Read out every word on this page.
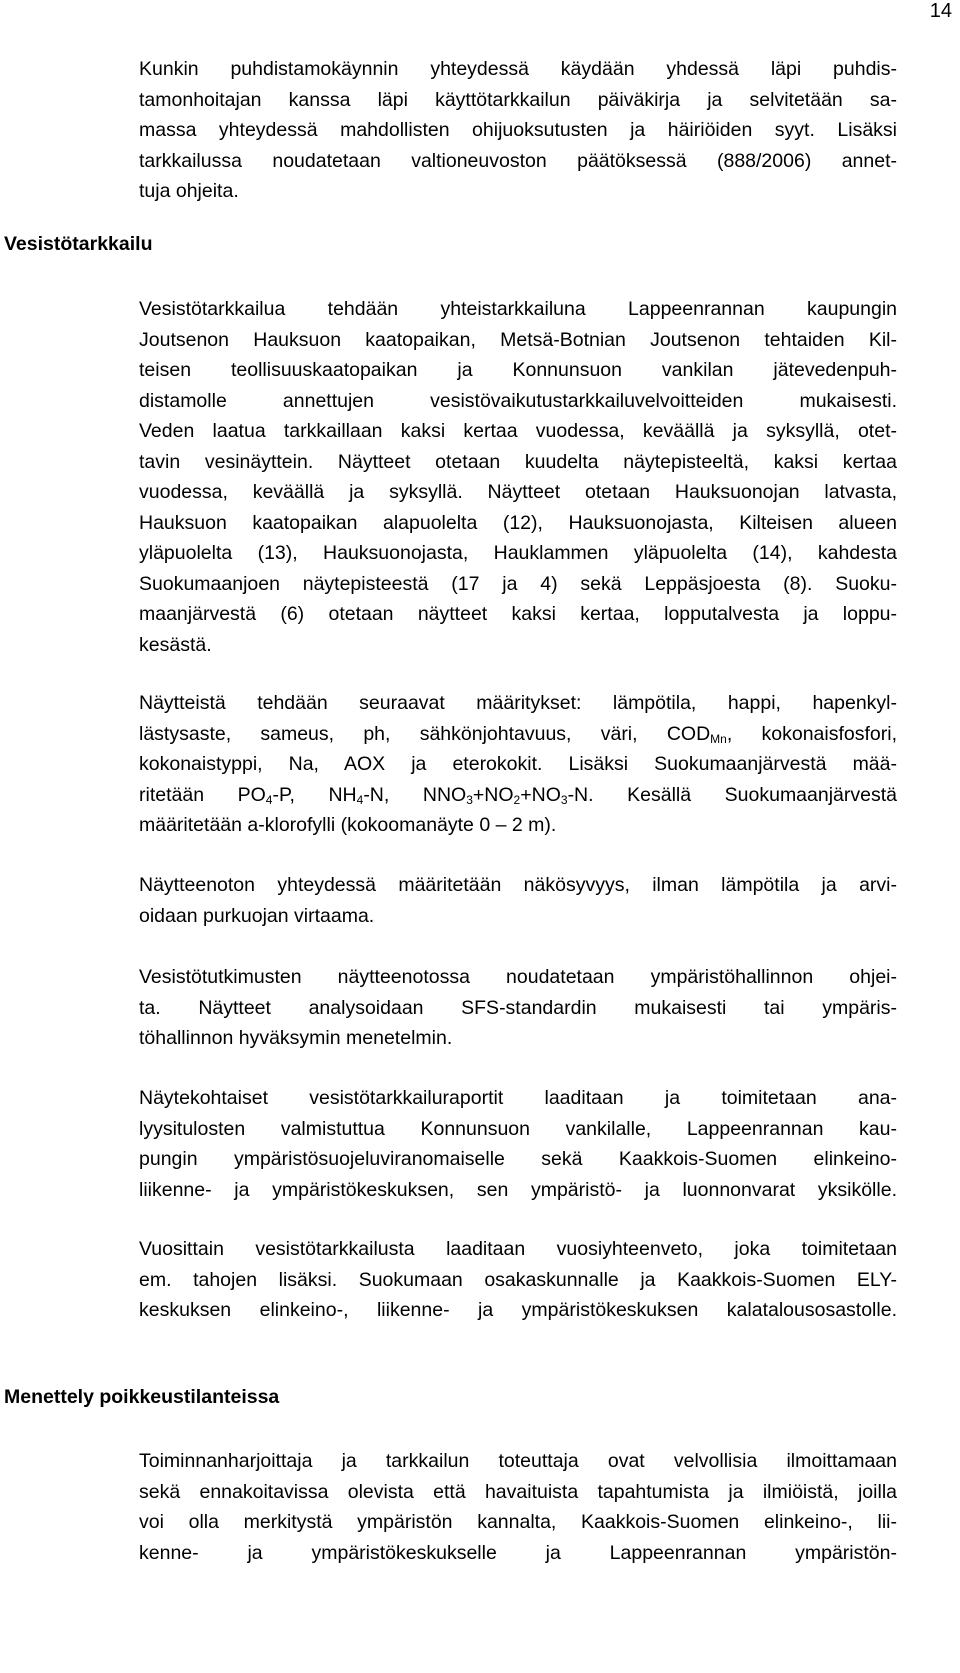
14
Vesistötarkkailu
Menettely poikkeustilanteissa
Kunkin puhdistamokäynnin yhteydessä käydään yhdessä läpi puhdis-
tamonhoitajan kanssa läpi käyttötarkkailun päiväkirja ja selvitetään sa-
massa yhteydessä mahdollisten ohijuoksutusten ja häiriöiden syyt. Lisäksi
tarkkailussa noudatetaan valtioneuvoston päätöksessä (888/2006) annet-
tuja ohjeita.
Vesistötarkkailua tehdään yhteistarkkailuna Lappeenrannan kaupungin
Joutsenon Hauksuon kaatopaikan, Metsä-Botnian Joutsenon tehtaiden Kil-
teisen teollisuuskaatopaikan ja Konnunsuon vankilan jätevedenpuh-
distamolle annettujen vesistövaikutustarkkailuvelvoitteiden mukaisesti.
Veden laatua tarkkaillaan kaksi kertaa vuodessa, keväällä ja syksyllä, otet-
tavin vesinäyttein. Näytteet otetaan kuudelta näytepisteeltä, kaksi kertaa
vuodessa, keväällä ja syksyllä. Näytteet otetaan Hauksuonojan latvasta,
Hauksuon kaatopaikan alapuolelta (12), Hauksuonojasta, Kilteisen alueen
yläpuolelta (13), Hauksuonojasta, Hauklammen yläpuolelta (14), kahdesta
Suokumaanjoen näytepisteestä (17 ja 4) sekä Leppäsjoesta (8). Suoku-
maanjärvestä (6) otetaan näytteet kaksi kertaa, lopputalvesta ja loppu-
kesästä.
Näytteistä tehdään seuraavat määritykset: lämpötila, happi, hapenkyl-
lästysaste, sameus, ph, sähkönjohtavuus, väri, $COD_{Mn}$, kokonaisfosfori,
kokonaistyppi, Na, AOX ja eterokokit. Lisäksi Suokumaanjärvestä mää-
ritetään $PO_4-P$, $NH_4-N$, $NNO_3+NO_2+NO_3-N$. Kesällä Suokumaanjärvestä
määritetään a-klorofylli (kokoomanäyte 0 – 2 m).
Näytteenoton yhteydessä määritetään näkösyvyys, ilman lämpötila ja arvi-
oidaan purkuojan virtaama.
Vesistötutkimusten näytteenotossa noudatetaan ympäristöhallinnon ohjei-
ta. Näytteet analysoidaan SFS-standardin mukaisesti tai ympäris-
töhallinnon hyväksymin menetelmin.
Näytekohtaiset vesistötarkkailuraportit laaditaan ja toimitetaan ana-
lyysitulosten valmistuttua Konnunsuon vankilalle, Lappeenrannan kau-
pungin ympäristösuojeluviranomaiselle sekä Kaakkois-Suomen elinkeino-
liikenne- ja ympäristökeskuksen, sen ympäristö- ja luonnonvarat yksikölle.
Vuosittain vesistötarkkailusta laaditaan vuosiyhteenveto, joka toimitetaan
em. tahojen lisäksi. Suokumaan osakaskunnalle ja Kaakkois-Suomen ELY-
keskuksen elinkeino-, liikenne- ja ympäristökeskuksen kalatalousosastolle.
Toiminnanharjoittaja ja tarkkailun toteuttaja ovat velvollisia ilmoittamaan
sekä ennakoitavissa olevista että havaituista tapahtumista ja ilmiöistä, joilla
voi olla merkitystä ympäristön kannalta, Kaakkois-Suomen elinkeino-, lii-
kenne- ja ympäristökeskukselle ja Lappeenrannan ympäristön-
